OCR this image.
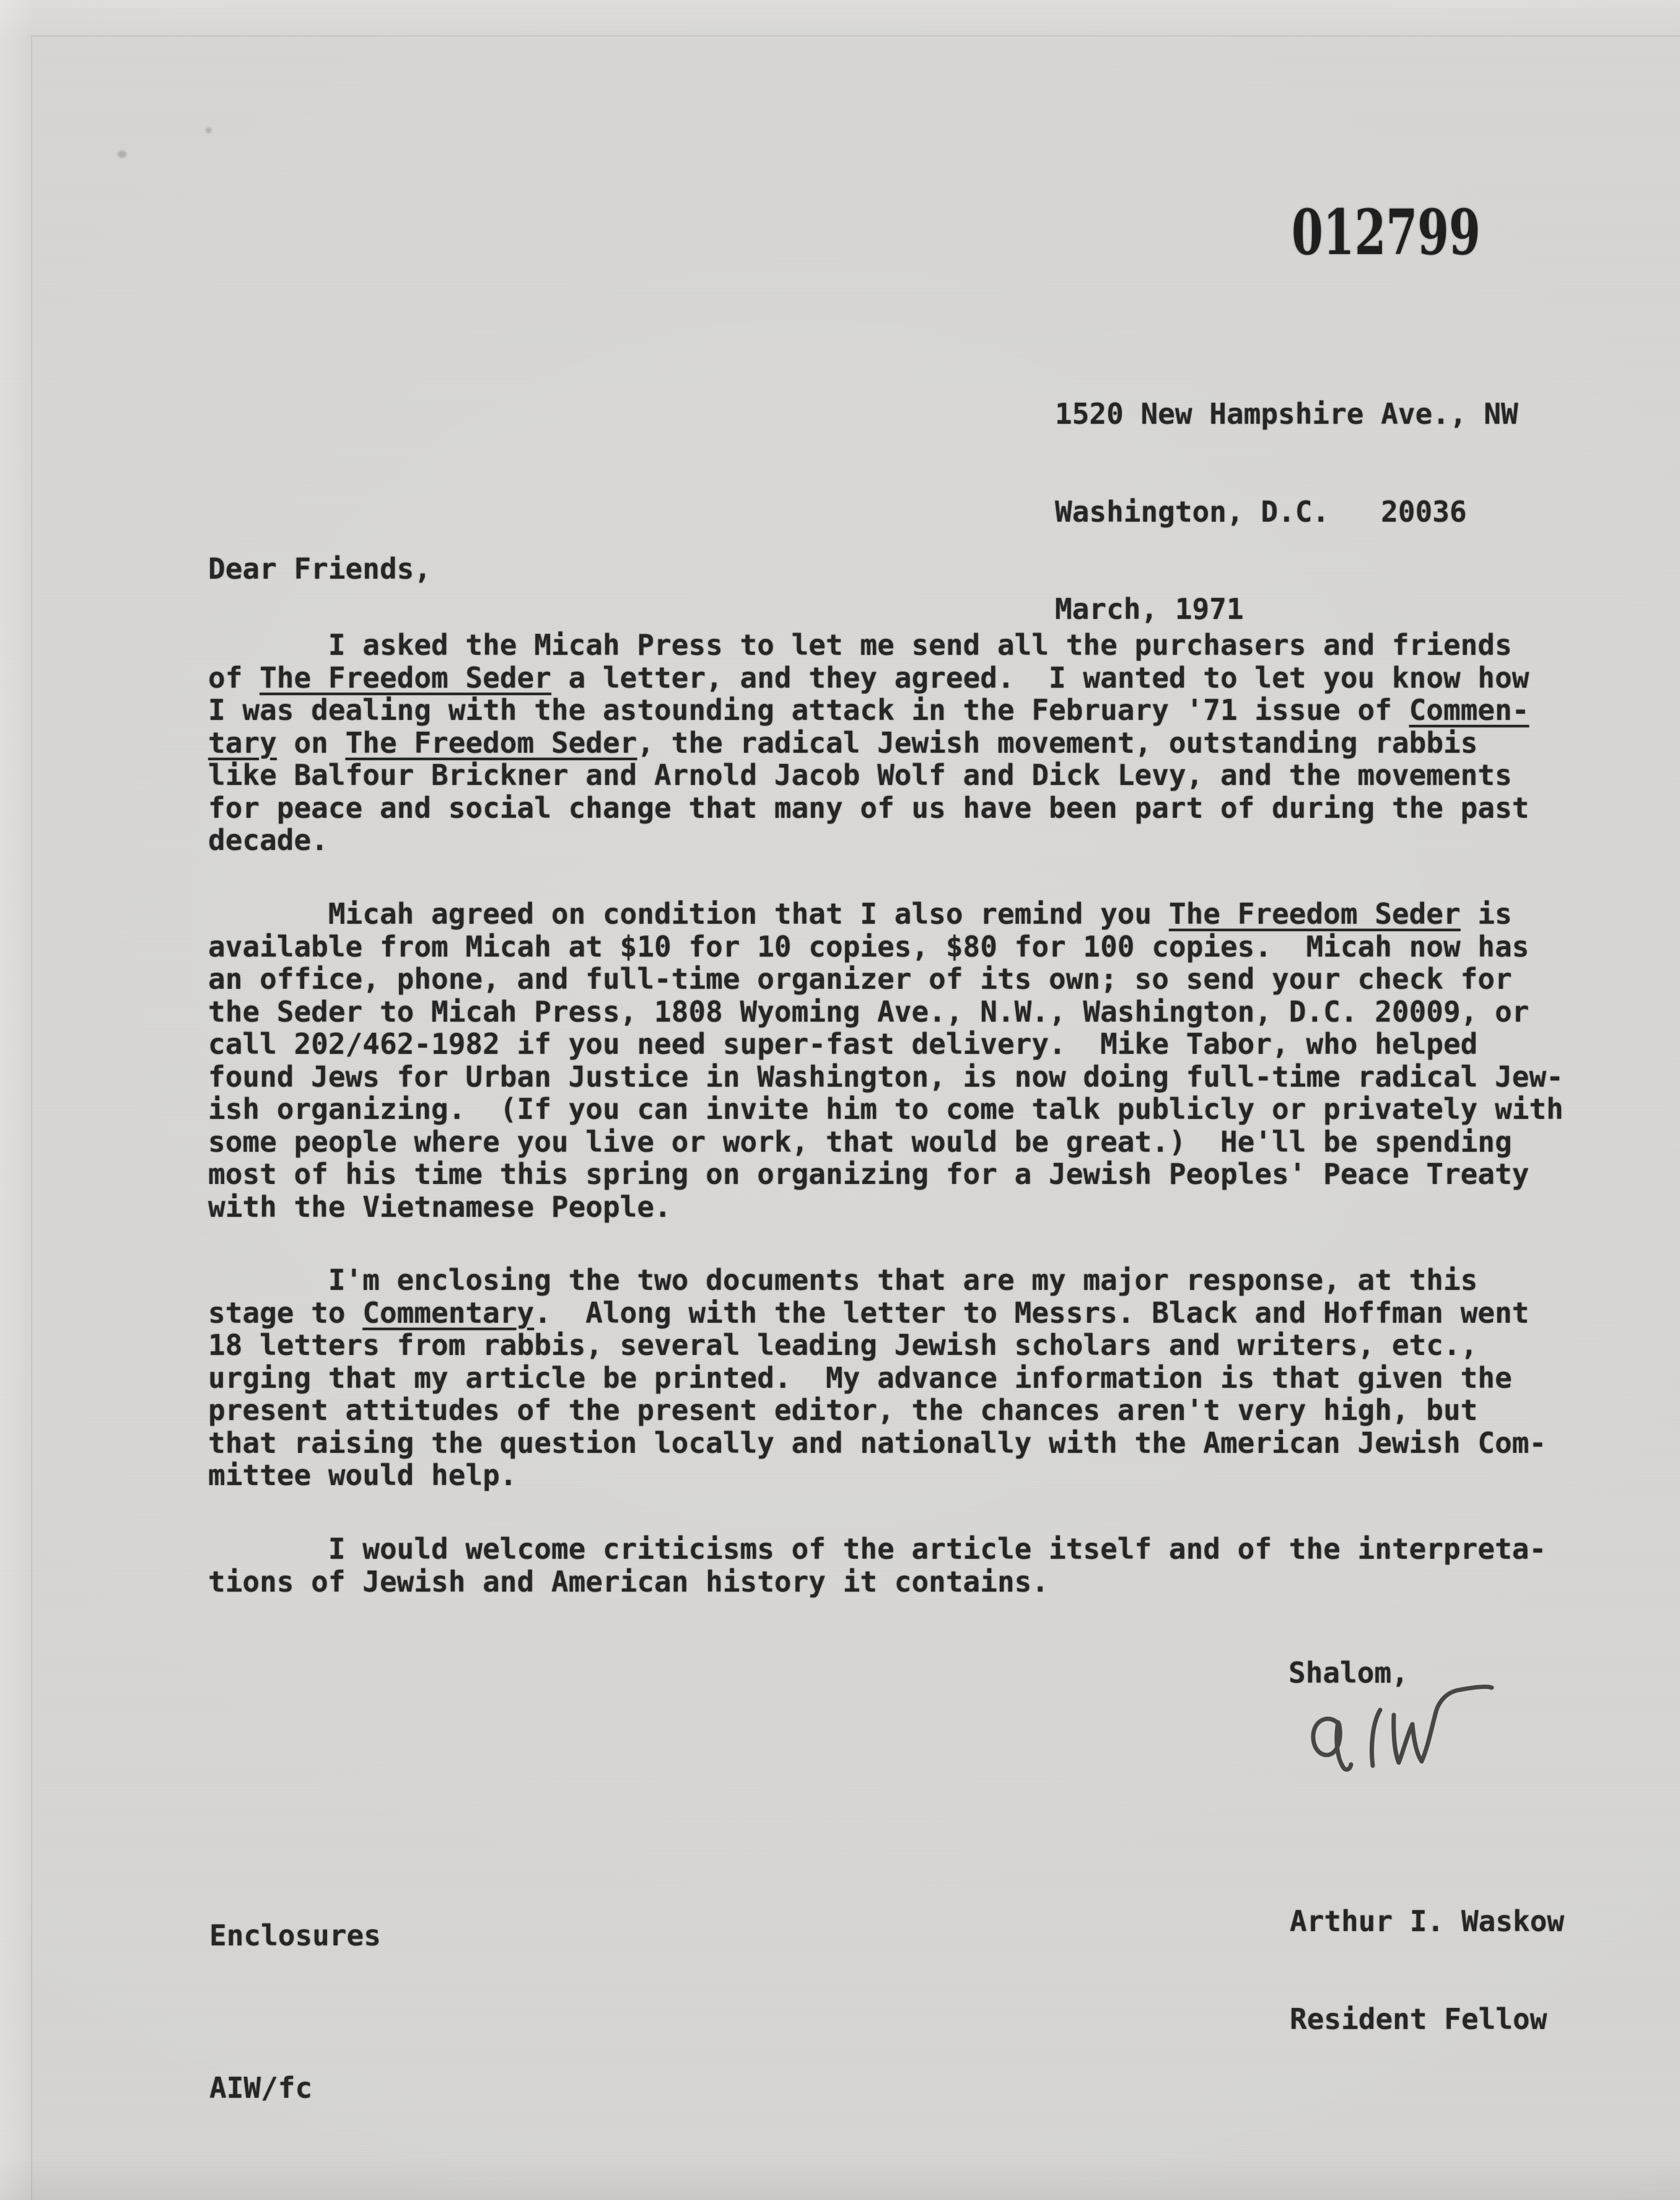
012799

1520 New Hampshire Ave., NW

Washington, D.C.   20036

March, 1971

Dear Friends,
I asked the Micah Press to let me send all the purchasers and friends
of The Freedom Seder a letter, and they agreed.  I wanted to let you know how
I was dealing with the astounding attack in the February '71 issue of Commen-
tary on The Freedom Seder, the radical Jewish movement, outstanding rabbis
like Balfour Brickner and Arnold Jacob Wolf and Dick Levy, and the movements
for peace and social change that many of us have been part of during the past
decade.
Micah agreed on condition that I also remind you The Freedom Seder is
available from Micah at $10 for 10 copies, $80 for 100 copies.  Micah now has
an office, phone, and full-time organizer of its own; so send your check for
the Seder to Micah Press, 1808 Wyoming Ave., N.W., Washington, D.C. 20009, or
call 202/462-1982 if you need super-fast delivery.  Mike Tabor, who helped
found Jews for Urban Justice in Washington, is now doing full-time radical Jew-
ish organizing.  (If you can invite him to come talk publicly or privately with
some people where you live or work, that would be great.)  He'll be spending
most of his time this spring on organizing for a Jewish Peoples' Peace Treaty
with the Vietnamese People.
I'm enclosing the two documents that are my major response, at this
stage to Commentary.  Along with the letter to Messrs. Black and Hoffman went
18 letters from rabbis, several leading Jewish scholars and writers, etc.,
urging that my article be printed.  My advance information is that given the
present attitudes of the present editor, the chances aren't very high, but
that raising the question locally and nationally with the American Jewish Com-
mittee would help.
I would welcome criticisms of the article itself and of the interpreta-
tions of Jewish and American history it contains.
Shalom,

Arthur I. Waskow

Resident Fellow

Enclosures
AIW/fc
